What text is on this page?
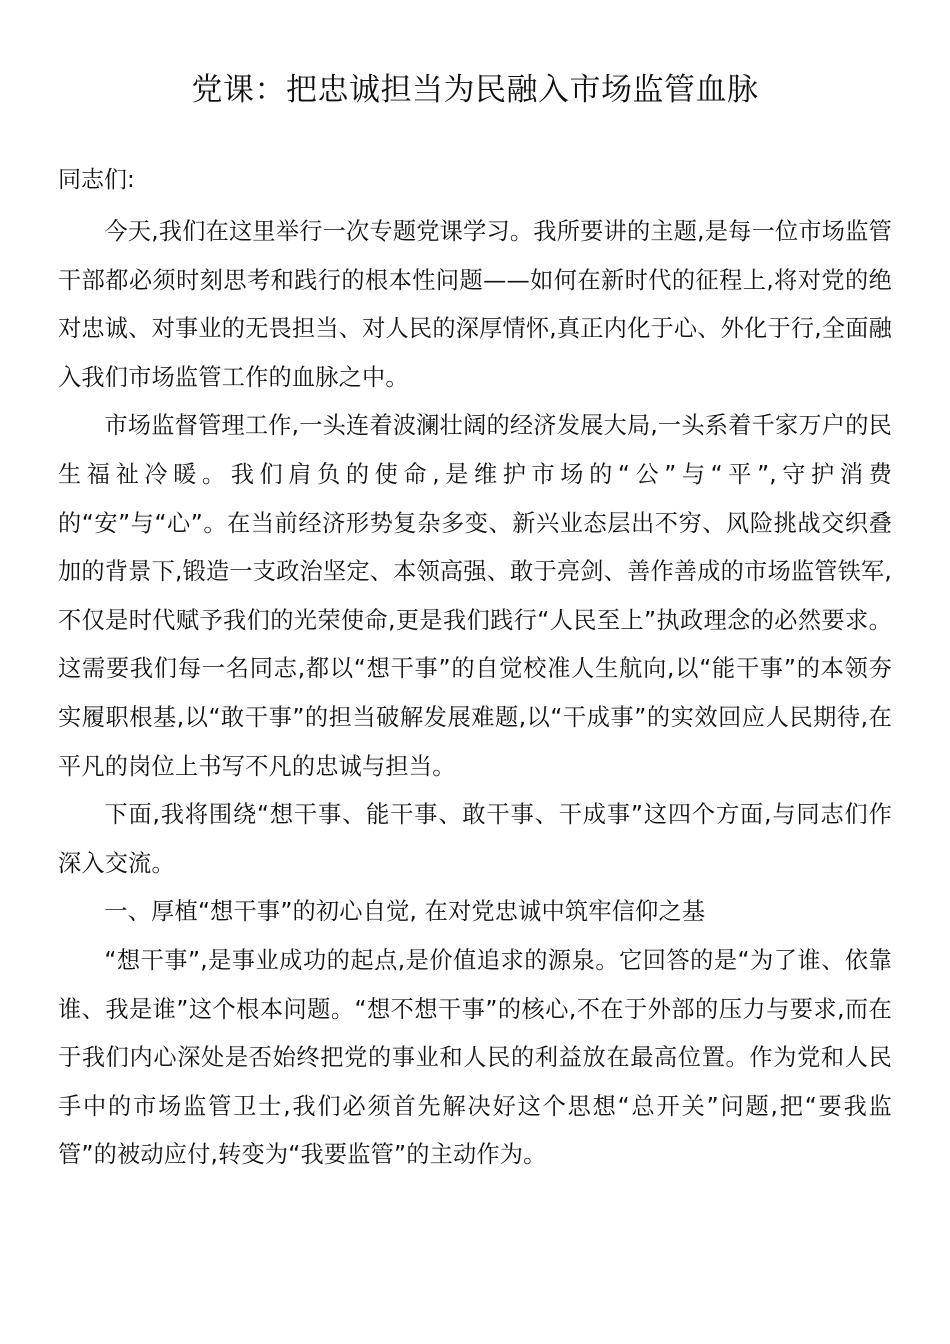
党课：把忠诚担当为民融入市场监管血脉

同志们:

今天,我们在这里举行一次专题党课学习。我所要讲的主题,是每一位市场监管干部都必须时刻思考和践行的根本性问题——如何在新时代的征程上,将对党的绝对忠诚、对事业的无畏担当、对人民的深厚情怀,真正内化于心、外化于行,全面融入我们市场监管工作的血脉之中。

市场监督管理工作,一头连着波澜壮阔的经济发展大局,一头系着千家万户的民生福祉冷暖。我们肩负的使命,是维护市场的“公”与“平”,守护消费的“安”与“心”。在当前经济形势复杂多变、新兴业态层出不穷、风险挑战交织叠加的背景下,锻造一支政治坚定、本领高强、敢于亮剑、善作善成的市场监管铁军,不仅是时代赋予我们的光荣使命,更是我们践行“人民至上”执政理念的必然要求。这需要我们每一名同志,都以“想干事”的自觉校准人生航向,以“能干事”的本领夯实履职根基,以“敢干事”的担当破解发展难题,以“干成事”的实效回应人民期待,在平凡的岗位上书写不凡的忠诚与担当。

下面,我将围绕“想干事、能干事、敢干事、干成事”这四个方面,与同志们作深入交流。

一、厚植“想干事”的初心自觉, 在对党忠诚中筑牢信仰之基

“想干事”,是事业成功的起点,是价值追求的源泉。它回答的是“为了谁、依靠谁、我是谁”这个根本问题。“想不想干事”的核心,不在于外部的压力与要求,而在于我们内心深处是否始终把党的事业和人民的利益放在最高位置。作为党和人民手中的市场监管卫士,我们必须首先解决好这个思想“总开关”问题,把“要我监管”的被动应付,转变为“我要监管”的主动作为。
